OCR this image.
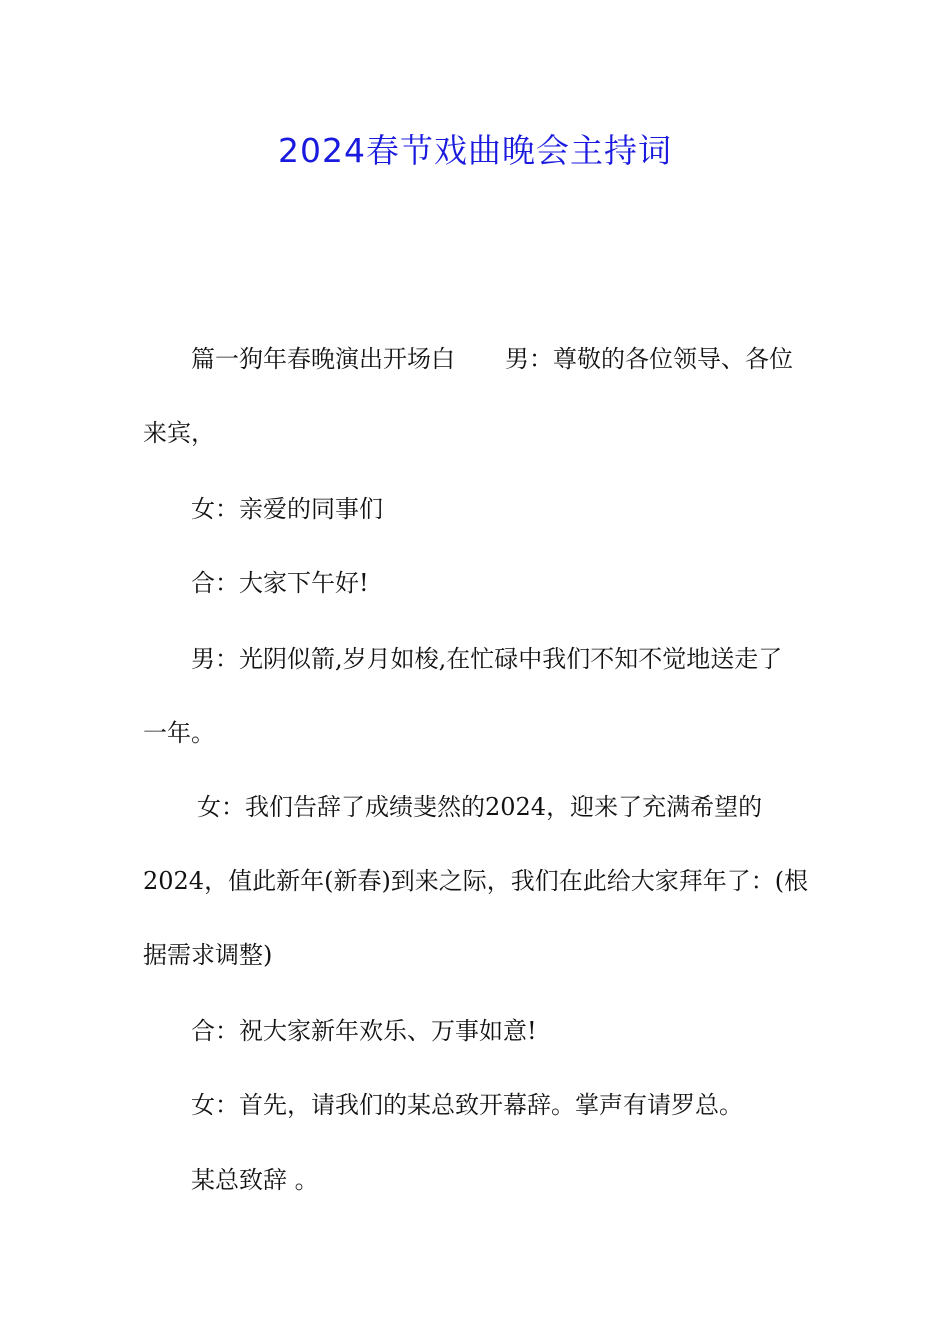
2024春节戏曲晚会主持词
篇一狗年春晚演出开场白 男：尊敬的各位领导、各位
来宾，
女：亲爱的同事们
合：大家下午好!
男：光阴似箭,岁月如梭,在忙碌中我们不知不觉地送走了
一年。
女：我们告辞了成绩斐然的2024，迎来了充满希望的
2024，值此新年(新春)到来之际，我们在此给大家拜年了：(根
据需求调整)
合：祝大家新年欢乐、万事如意!
女：首先，请我们的某总致开幕辞。掌声有请罗总。
某总致辞 。
